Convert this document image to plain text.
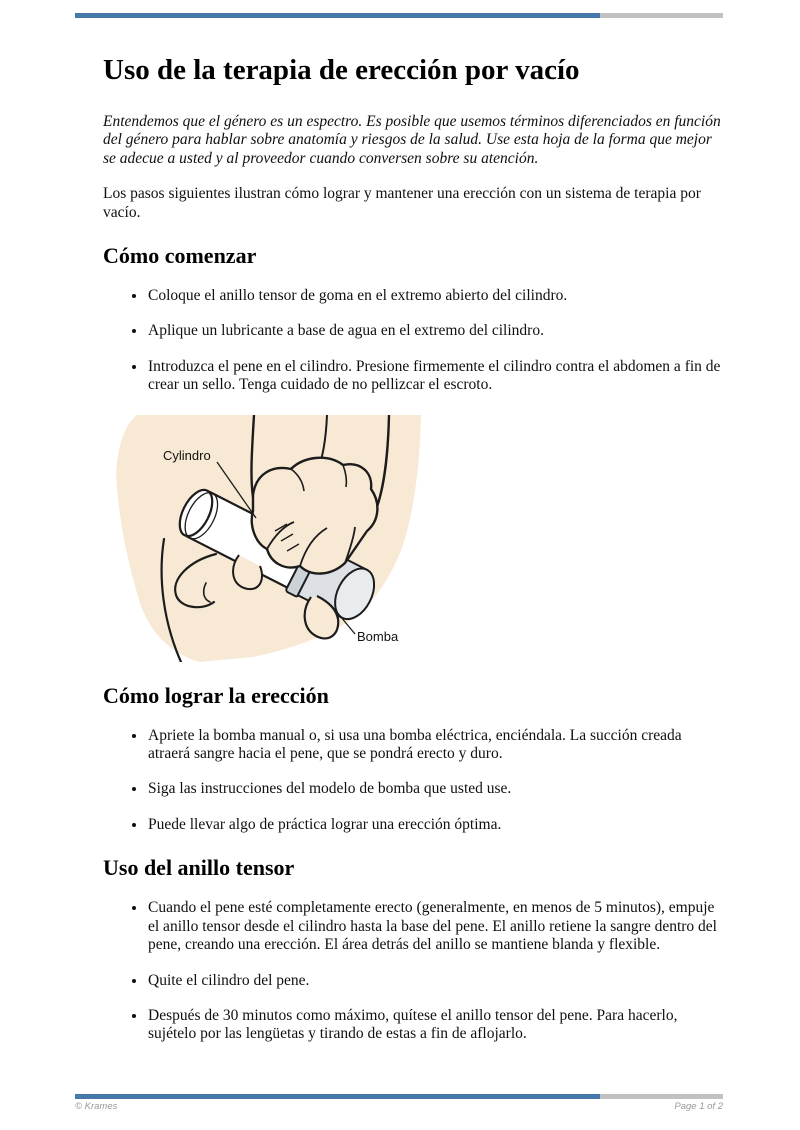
Uso de la terapia de erección por vacío

Entendemos que el género es un espectro. Es posible que usemos términos diferenciados en función del género para hablar sobre anatomía y riesgos de la salud. Use esta hoja de la forma que mejor se adecue a usted y al proveedor cuando conversen sobre su atención.

Los pasos siguientes ilustran cómo lograr y mantener una erección con un sistema de terapia por vacío.

Cómo comenzar
• Coloque el anillo tensor de goma en el extremo abierto del cilindro.
• Aplique un lubricante a base de agua en el extremo del cilindro.
• Introduzca el pene en el cilindro. Presione firmemente el cilindro contra el abdomen a fin de crear un sello. Tenga cuidado de no pellizcar el escroto.
Cylindro
Bomba
Cómo lograr la erección
• Apriete la bomba manual o, si usa una bomba eléctrica, enciéndala. La succión creada atraerá sangre hacia el pene, que se pondrá erecto y duro.
• Siga las instrucciones del modelo de bomba que usted use.
• Puede llevar algo de práctica lograr una erección óptima.
Uso del anillo tensor
• Cuando el pene esté completamente erecto (generalmente, en menos de 5 minutos), empuje el anillo tensor desde el cilindro hasta la base del pene. El anillo retiene la sangre dentro del pene, creando una erección. El área detrás del anillo se mantiene blanda y flexible.
• Quite el cilindro del pene.
• Después de 30 minutos como máximo, quítese el anillo tensor del pene. Para hacerlo, sujételo por las lengüetas y tirando de estas a fin de aflojarlo.
© Krames	Page 1 of 2
